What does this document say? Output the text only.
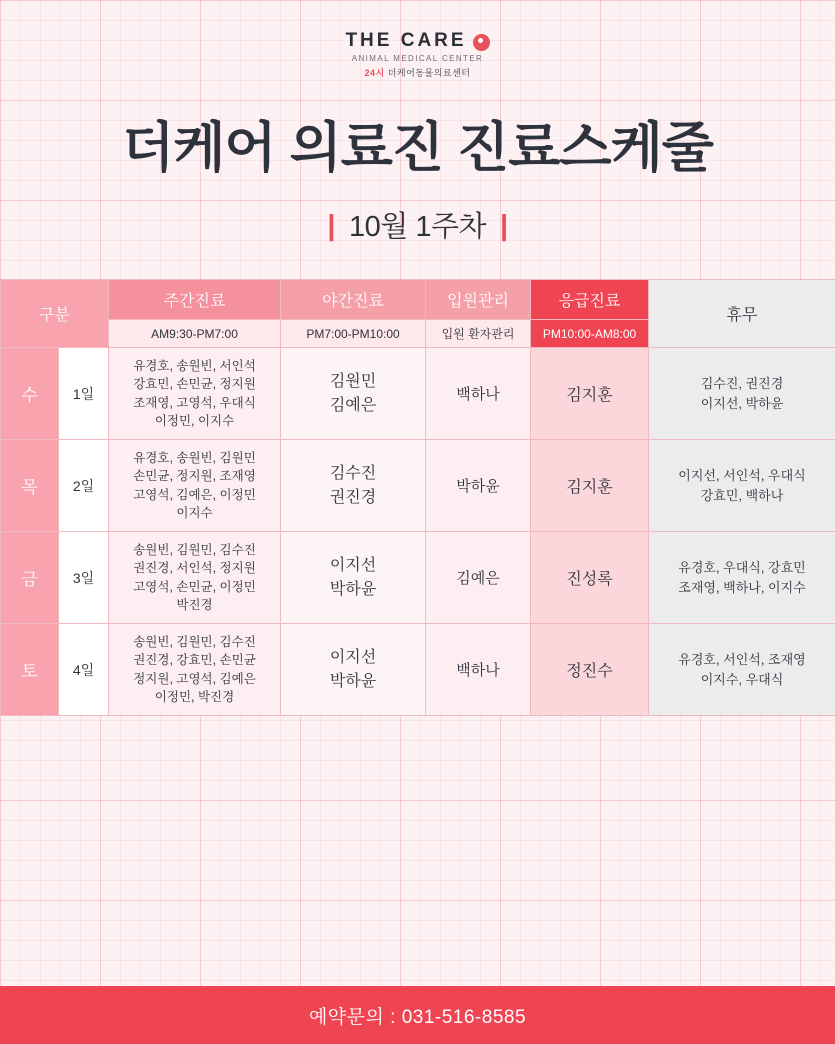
THE CARE
ANIMAL MEDICAL CENTER
24시 더케어동물의료센터
더케어 의료진 진료스케줄
| 10월 1주차 |
구분		주간진료	야간진료	입원관리	응급진료	휴무
		AM9:30-PM7:00	PM7:00-PM10:00	입원 환자관리	PM10:00-AM8:00	
수	1일	유경호, 송원빈, 서인석
강효민, 손민균, 정지원
조재영, 고영석, 우대식
이정민, 이지수	김원민
김예은	백하나	김지훈	김수진, 권진경
이지선, 박하윤
목	2일	유경호, 송원빈, 김원민
손민균, 정지원, 조재영
고영석, 김예은, 이정민
이지수	김수진
권진경	박하윤	김지훈	이지선, 서인석, 우대식
강효민, 백하나
금	3일	송원빈, 김원민, 김수진
권진경, 서인석, 정지원
고영석, 손민균, 이정민
박진경	이지선
박하윤	김예은	진성록	유경호, 우대식, 강효민
조재영, 백하나, 이지수
토	4일	송원빈, 김원민, 김수진
권진경, 강효민, 손민균
정지원, 고영석, 김예은
이정민, 박진경	이지선
박하윤	백하나	정진수	유경호, 서인석, 조재영
이지수, 우대식
예약문의 : 031-516-8585
